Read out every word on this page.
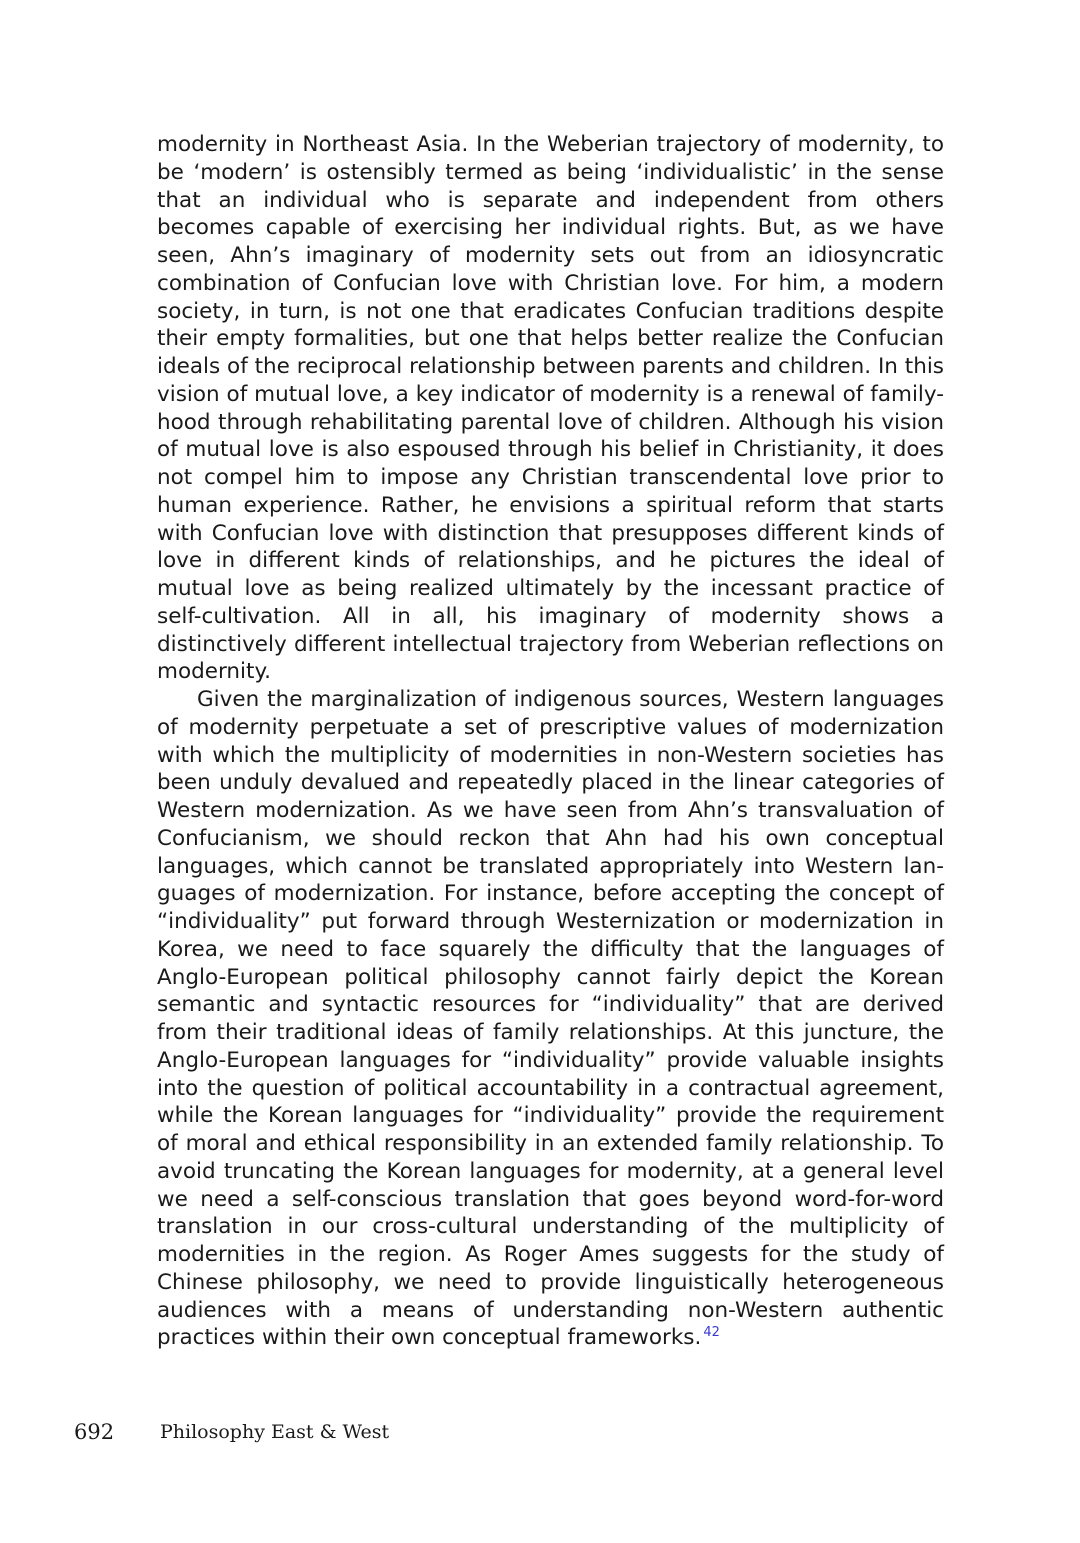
modernity in Northeast Asia. In the Weberian trajectory of modernity, to be ‘modern’ is ostensibly termed as being ‘individualistic’ in the sense that an individual who is separate and independent from others becomes capable of exercising her individual rights. But, as we have seen, Ahn’s imaginary of modernity sets out from an idiosyncratic combination of Confucian love with Christian love. For him, a modern society, in turn, is not one that eradicates Confucian traditions despite their empty formalities, but one that helps better realize the Confucian ideals of the reciprocal relationship between parents and children. In this vision of mutual love, a key indicator of modernity is a renewal of family-hood through rehabilitating parental love of children. Although his vision of mutual love is also espoused through his belief in Christianity, it does not compel him to impose any Christian transcendental love prior to human experience. Rather, he envisions a spiritual reform that starts with Confucian love with distinction that presupposes different kinds of love in different kinds of relationships, and he pictures the ideal of mutual love as being realized ultimately by the incessant practice of self-cultivation. All in all, his imaginary of modernity shows a distinctively different intellectual trajectory from Weberian reflections on modernity.

Given the marginalization of indigenous sources, Western languages of modernity perpetuate a set of prescriptive values of modernization with which the multiplicity of modernities in non-Western societies has been unduly devalued and repeatedly placed in the linear categories of Western modernization. As we have seen from Ahn’s transvaluation of Confucianism, we should reckon that Ahn had his own conceptual languages, which cannot be translated appropriately into Western languages of modernization. For instance, before accepting the concept of “individuality” put forward through Westernization or modernization in Korea, we need to face squarely the difficulty that the languages of Anglo-European political philosophy cannot fairly depict the Korean semantic and syntactic resources for “individuality” that are derived from their traditional ideas of family relationships. At this juncture, the Anglo-European languages for “individuality” provide valuable insights into the question of political accountability in a contractual agreement, while the Korean languages for “individuality” provide the requirement of moral and ethical responsibility in an extended family relationship. To avoid truncating the Korean languages for modernity, at a general level we need a self-conscious translation that goes beyond word-for-word translation in our cross-cultural understanding of the multiplicity of modernities in the region. As Roger Ames suggests for the study of Chinese philosophy, we need to provide linguistically heterogeneous audiences with a means of understanding non-Western authentic practices within their own conceptual frameworks. $^{42}$

692 Philosophy East & West
